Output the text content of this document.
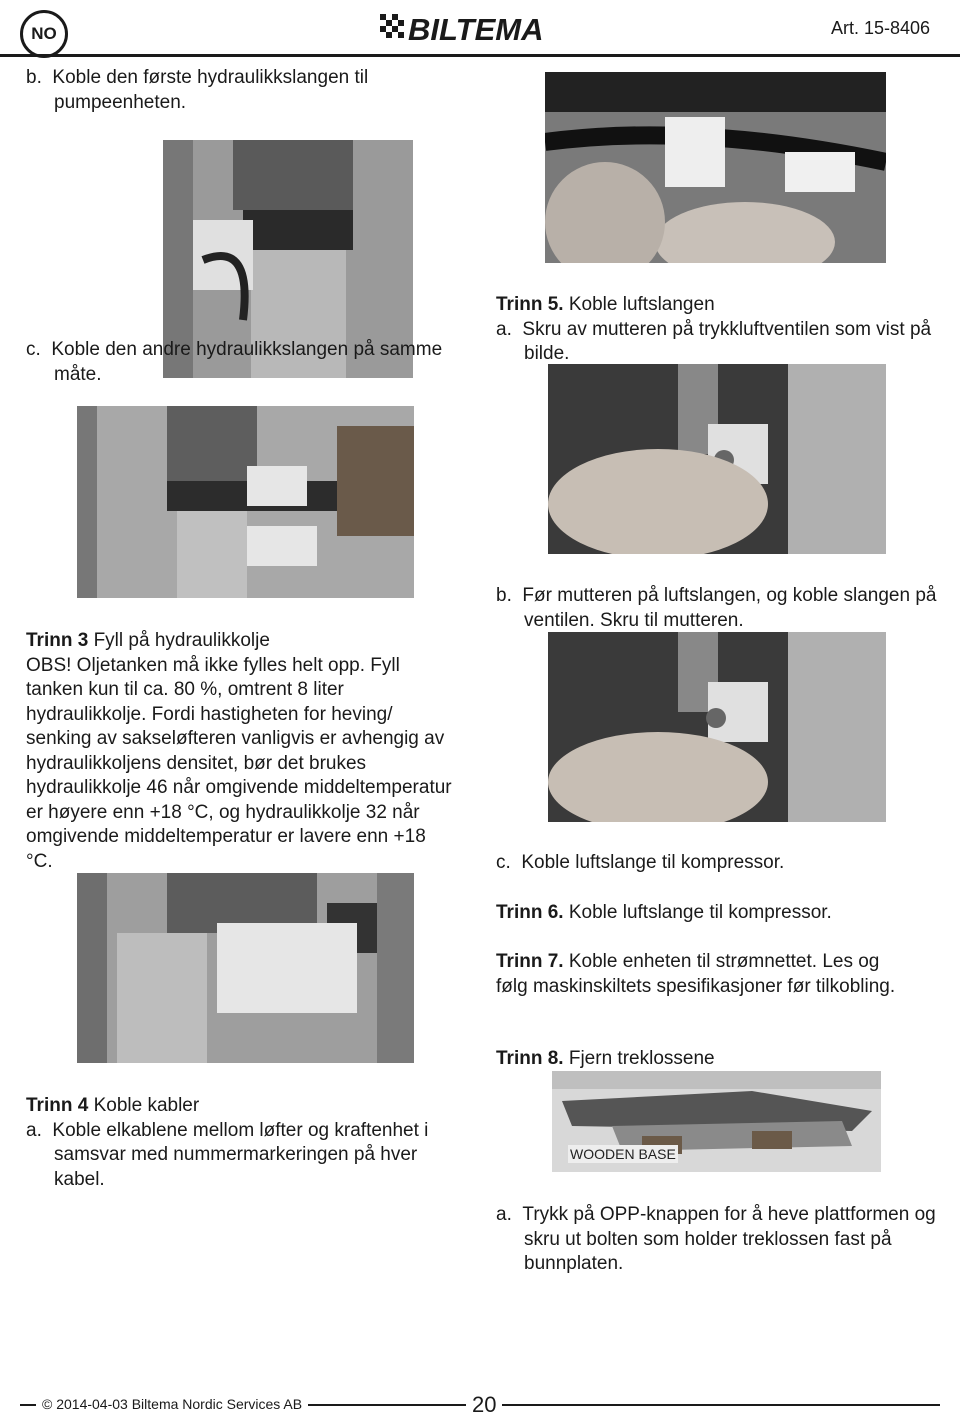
NO	BILTEMA	Art. 15-8406
b. Koble den første hydraulikkslangen til pumpeenheten.
c. Koble den andre hydraulikkslangen på samme måte.
Trinn 3 Fyll på hydraulikkolje
OBS! Oljetanken må ikke fylles helt opp. Fyll tanken kun til ca. 80 %, omtrent 8 liter hydraulikkolje. Fordi hastigheten for heving/ senking av sakseløfteren vanligvis er avhengig av hydraulikkoljens densitet, bør det brukes hydraulikkolje 46 når omgivende middeltemperatur er høyere enn +18 °C, og hydraulikkolje 32 når omgivende middeltemperatur er lavere enn +18 °C.
Trinn 4 Koble kabler
a. Koble elkablene mellom løfter og kraftenhet i samsvar med nummermarkeringen på hver kabel.
Trinn 5. Koble luftslangen
a. Skru av mutteren på trykkluftventilen som vist på bilde.
b. Før mutteren på luftslangen, og koble slangen på ventilen. Skru til mutteren.
c. Koble luftslange til kompressor.
Trinn 6. Koble luftslange til kompressor.
Trinn 7. Koble enheten til strømnettet. Les og følg maskinskiltets spesifikasjoner før tilkobling.
Trinn 8. Fjern treklossene
WOODEN BASE
a. Trykk på OPP-knappen for å heve plattformen og skru ut bolten som holder treklossen fast på bunnplaten.
© 2014-04-03 Biltema Nordic Services AB	20
